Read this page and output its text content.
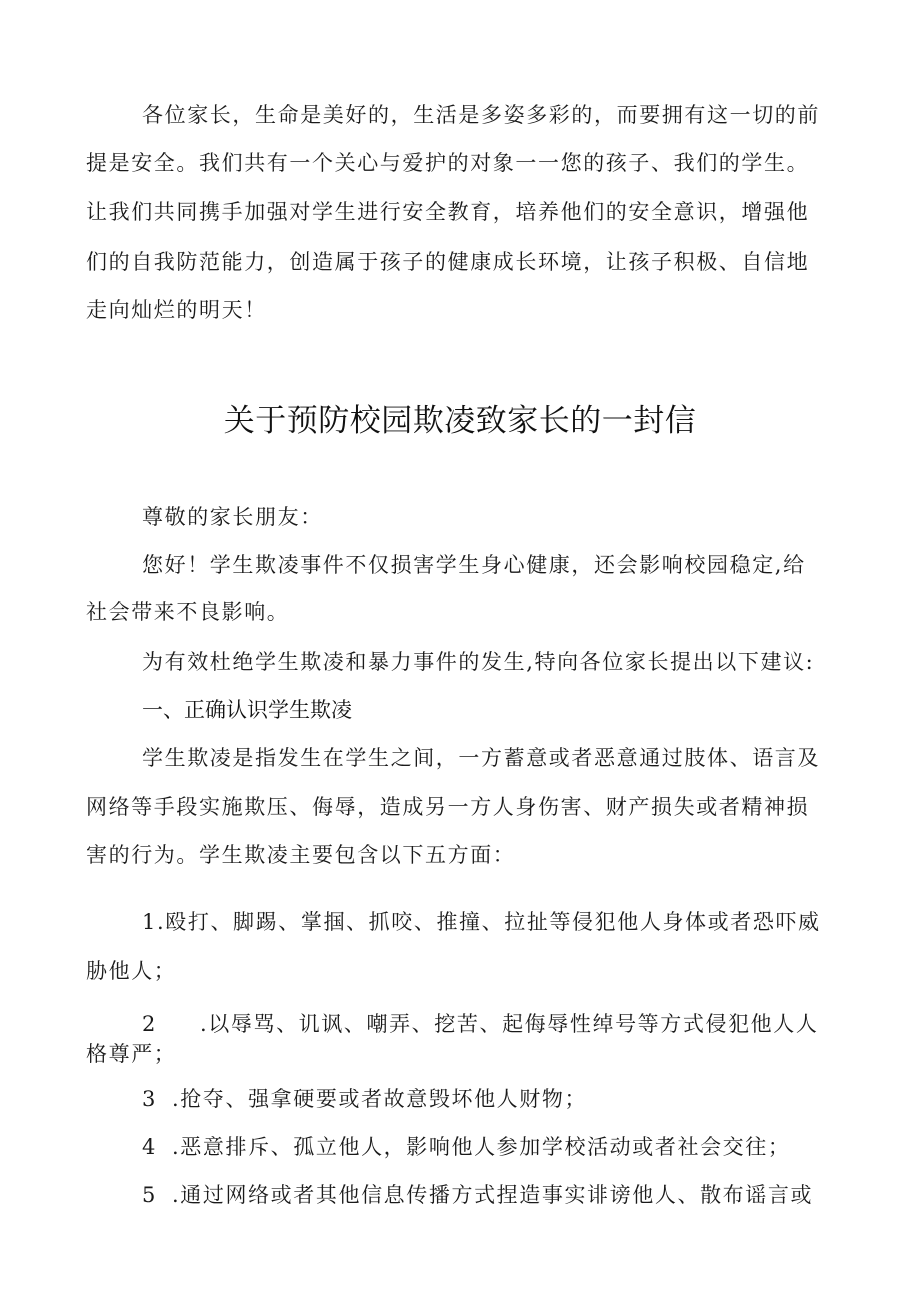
各位家长，生命是美好的，生活是多姿多彩的，而要拥有这一切的前
提是安全。我们共有一个关心与爱护的对象一一您的孩子、我们的学生。
让我们共同携手加强对学生进行安全教育，培养他们的安全意识，增强他
们的自我防范能力，创造属于孩子的健康成长环境，让孩子积极、自信地
走向灿烂的明天！
关于预防校园欺凌致家长的一封信
尊敬的家长朋友：
您好！学生欺凌事件不仅损害学生身心健康，还会影响校园稳定,给
社会带来不良影响。
为有效杜绝学生欺凌和暴力事件的发生,特向各位家长提出以下建议:
一、正确认识学生欺凌
学生欺凌是指发生在学生之间，一方蓄意或者恶意通过肢体、语言及
网络等手段实施欺压、侮辱，造成另一方人身伤害、财产损失或者精神损
害的行为。学生欺凌主要包含以下五方面：
1.殴打、脚踢、掌掴、抓咬、推撞、拉扯等侵犯他人身体或者恐吓威
胁他人；
2 .以辱骂、讥讽、嘲弄、挖苦、起侮辱性绰号等方式侵犯他人人
格尊严；
3 .抢夺、强拿硬要或者故意毁坏他人财物；
4 .恶意排斥、孤立他人，影响他人参加学校活动或者社会交往；
5 .通过网络或者其他信息传播方式捏造事实诽谤他人、散布谣言或
